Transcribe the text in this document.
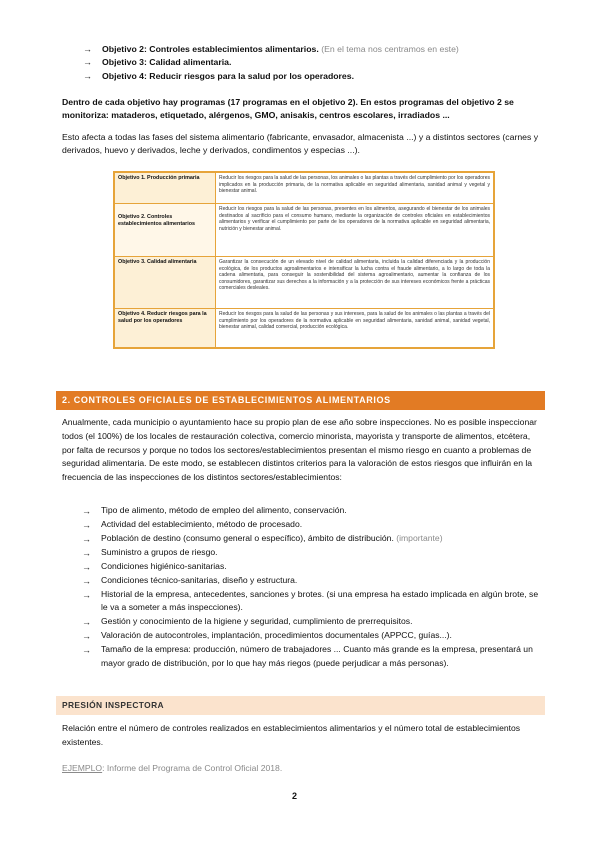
→ Objetivo 2: Controles establecimientos alimentarios. (En el tema nos centramos en este)
→ Objetivo 3: Calidad alimentaria.
→ Objetivo 4: Reducir riesgos para la salud por los operadores.

Dentro de cada objetivo hay programas (17 programas en el objetivo 2). En estos programas del objetivo 2 se monitoriza: mataderos, etiquetado, alérgenos, GMO, anisakis, centros escolares, irradiados ...

Esto afecta a todas las fases del sistema alimentario (fabricante, envasador, almacenista ...) y a distintos sectores (carnes y derivados, huevo y derivados, leche y derivados, condimentos y especias ...).

Objetivo 1. Producción primaria	Reducir los riesgos para la salud de las personas, los animales o las plantas a través del cumplimiento por los operadores implicados en la producción primaria, de la normativa aplicable en seguridad alimentaria, sanidad animal y vegetal y bienestar animal.
Objetivo 2. Controles establecimientos alimentarios	Reducir los riesgos para la salud de las personas, presentes en los alimentos, asegurando el bienestar de los animales destinados al sacrificio para el consumo humano, mediante la organización de controles oficiales en establecimientos alimentarios y verificar el cumplimiento por parte de los operadores de la normativa aplicable en seguridad alimentaria, nutrición y bienestar animal.
Objetivo 3. Calidad alimentaria	Garantizar la consecución de un elevado nivel de calidad alimentaria, incluida la calidad diferenciada y la producción ecológica, de los productos agroalimentarios e intensificar la lucha contra el fraude alimentario, a lo largo de toda la cadena alimentaria, para conseguir la sostenibilidad del sistema agroalimentario, aumentar la confianza de los consumidores, garantizar sus derechos a la información y a la protección de sus intereses económicos frente a prácticas comerciales desleales.
Objetivo 4. Reducir riesgos para la salud por los operadores	Reducir los riesgos para la salud de las personas y sus intereses, para la salud de los animales o las plantas a través del cumplimiento por los operadores de la normativa aplicable en seguridad alimentaria, sanidad animal, sanidad vegetal, bienestar animal, calidad comercial, producción ecológica.
2. CONTROLES OFICIALES DE ESTABLECIMIENTOS ALIMENTARIOS

Anualmente, cada municipio o ayuntamiento hace su propio plan de ese año sobre inspecciones. No es posible inspeccionar todos (el 100%) de los locales de restauración colectiva, comercio minorista, mayorista y transporte de alimentos, etcétera, por falta de recursos y porque no todos los sectores/establecimientos presentan el mismo riesgo en cuanto a problemas de seguridad alimentaria. De este modo, se establecen distintos criterios para la valoración de estos riesgos que influirán en la frecuencia de las inspecciones de los distintos sectores/establecimientos:

→ Tipo de alimento, método de empleo del alimento, conservación.
→ Actividad del establecimiento, método de procesado.
→ Población de destino (consumo general o específico), ámbito de distribución. (importante)
→ Suministro a grupos de riesgo.
→ Condiciones higiénico-sanitarias.
→ Condiciones técnico-sanitarias, diseño y estructura.
→ Historial de la empresa, antecedentes, sanciones y brotes. (si una empresa ha estado implicada en algún brote, se le va a someter a más inspecciones).
→ Gestión y conocimiento de la higiene y seguridad, cumplimiento de prerrequisitos.
→ Valoración de autocontroles, implantación, procedimientos documentales (APPCC, guías...).
→ Tamaño de la empresa: producción, número de trabajadores ... Cuanto más grande es la empresa, presentará un mayor grado de distribución, por lo que hay más riegos (puede perjudicar a más personas).
PRESIÓN INSPECTORA

Relación entre el número de controles realizados en establecimientos alimentarios y el número total de establecimientos existentes.

EJEMPLO: Informe del Programa de Control Oficial 2018.

2
